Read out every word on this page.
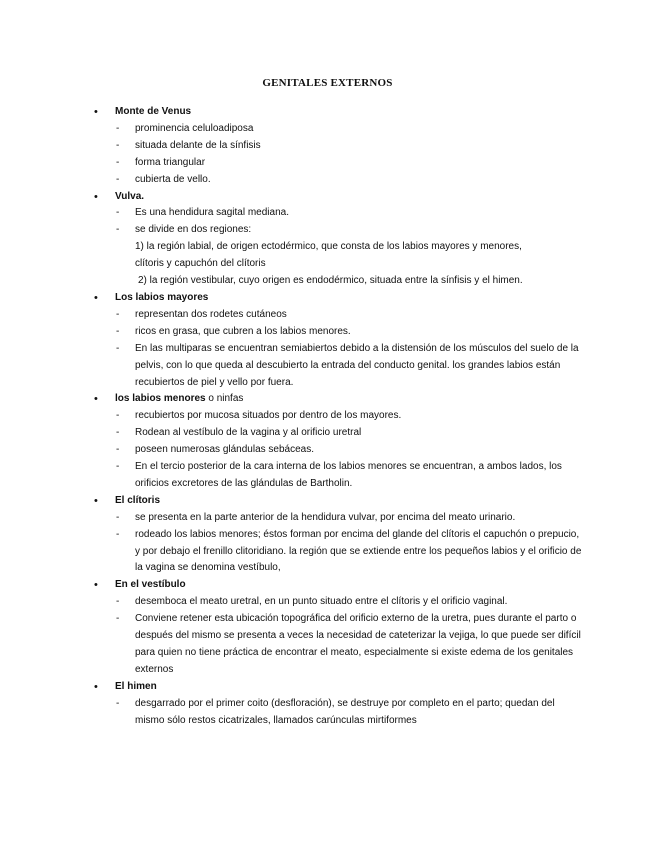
GENITALES EXTERNOS
• Monte de Venus
- prominencia celuloadiposa
- situada delante de la sínfisis
- forma triangular
- cubierta de vello.
• Vulva.
- Es una hendidura sagital mediana.
- se divide en dos regiones:
1) la región labial, de origen ectodérmico, que consta de los labios mayores y menores,
clítoris y capuchón del clítoris
2) la región vestibular, cuyo origen es endodérmico, situada entre la sínfisis y el himen.
• Los labios mayores
- representan dos rodetes cutáneos
- ricos en grasa, que cubren a los labios menores.
- En las multiparas se encuentran semiabiertos debido a la distensión de los músculos del suelo de la pelvis, con lo que queda al descubierto la entrada del conducto genital. los grandes labios están recubiertos de piel y vello por fuera.
• los labios menores o ninfas
- recubiertos por mucosa situados por dentro de los mayores.
- Rodean al vestíbulo de la vagina y al orificio uretral
- poseen numerosas glándulas sebáceas.
- En el tercio posterior de la cara interna de los labios menores se encuentran, a ambos lados, los orificios excretores de las glándulas de Bartholin.
• El clítoris
- se presenta en la parte anterior de la hendidura vulvar, por encima del meato urinario.
- rodeado los labios menores; éstos forman por encima del glande del clítoris el capuchón o prepucio, y por debajo el frenillo clitoridiano. la región que se extiende entre los pequeños labios y el orificio de la vagina se denomina vestíbulo,
• En el vestíbulo
- desemboca el meato uretral, en un punto situado entre el clítoris y el orificio vaginal.
- Conviene retener esta ubicación topográfica del orificio externo de la uretra, pues durante el parto o después del mismo se presenta a veces la necesidad de cateterizar la vejiga, lo que puede ser difícil para quien no tiene práctica de encontrar el meato, especialmente si existe edema de los genitales externos
• El himen
- desgarrado por el primer coito (desfloración), se destruye por completo en el parto; quedan del mismo sólo restos cicatrizales, llamados carúnculas mirtiformes
